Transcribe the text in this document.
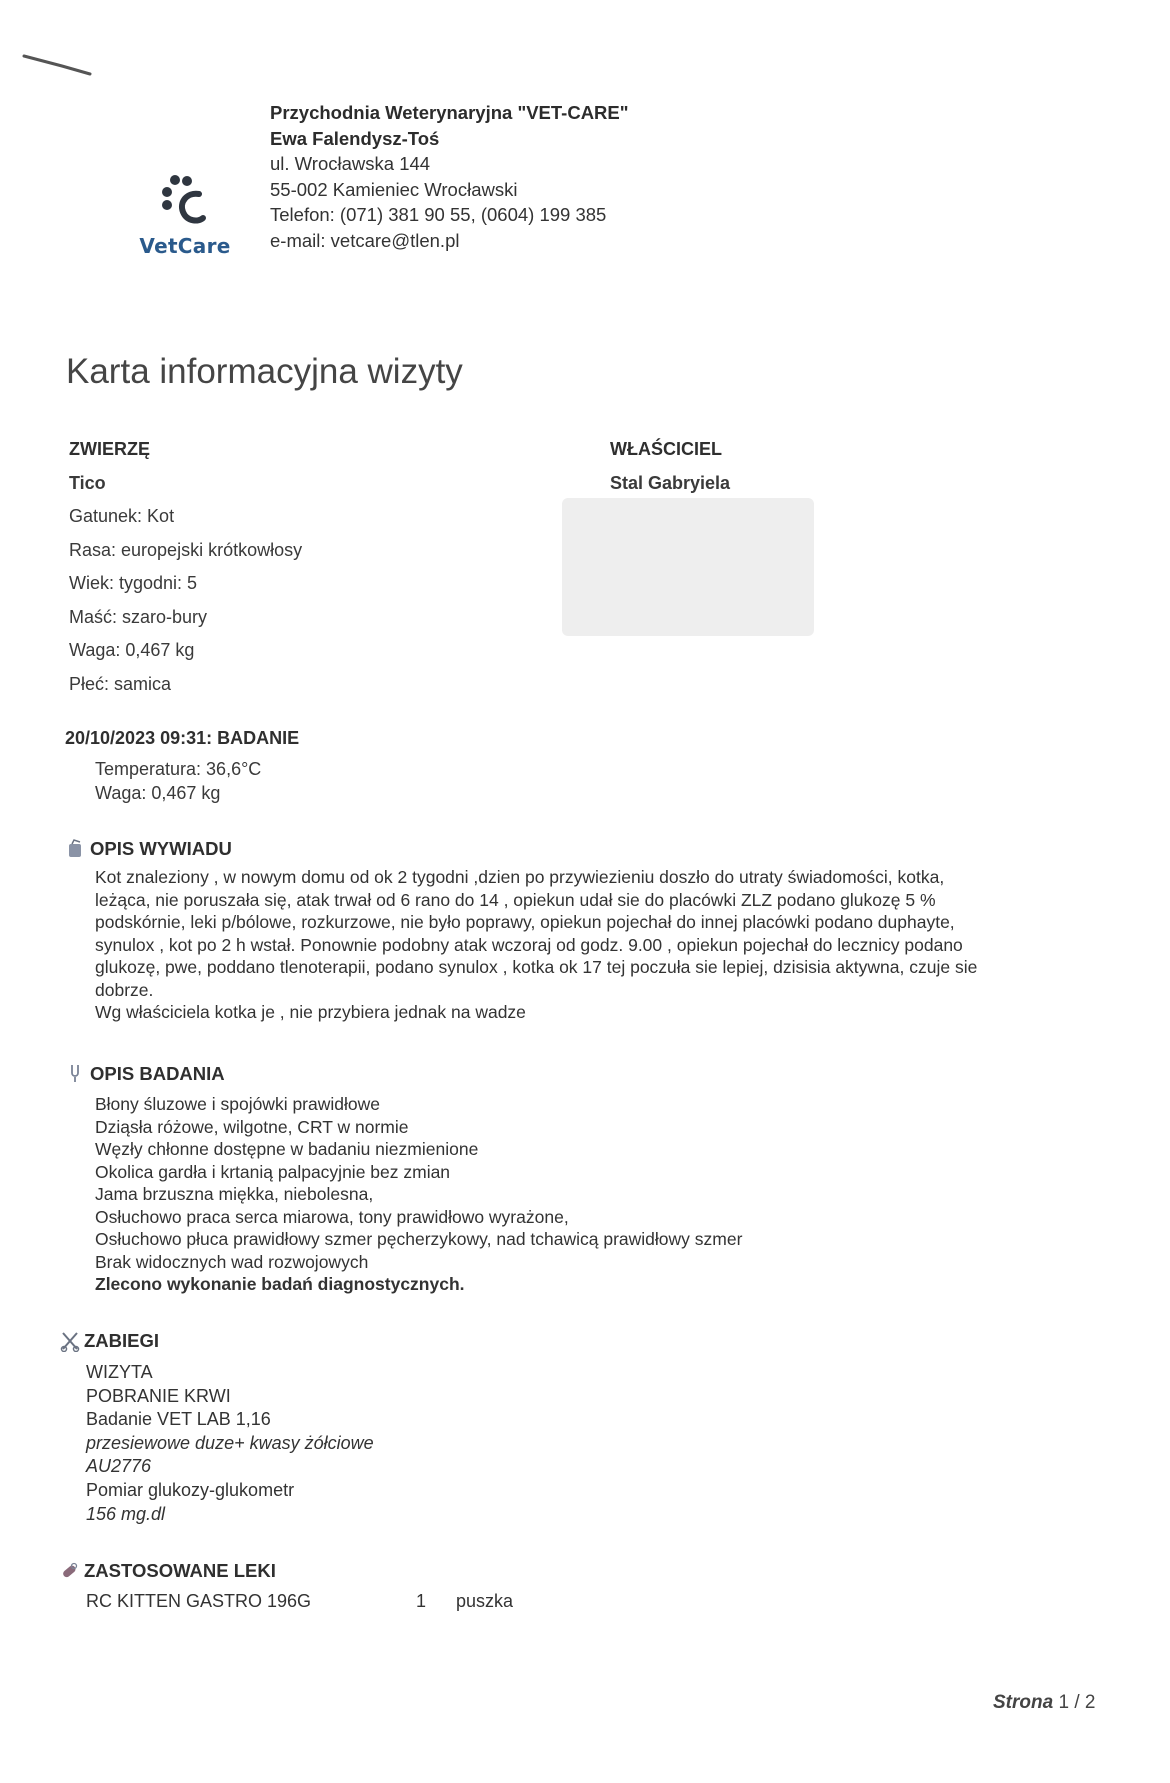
VetCare
Przychodnia Weterynaryjna "VET-CARE"
Ewa Falendysz-Toś
ul. Wrocławska 144
55-002 Kamieniec Wrocławski
Telefon: (071) 381 90 55, (0604) 199 385
e-mail: vetcare@tlen.pl
Karta informacyjna wizyty
ZWIERZĘ
Tico
Gatunek: Kot
Rasa: europejski krótkowłosy
Wiek: tygodni: 5
Maść: szaro-bury
Waga: 0,467 kg
Płeć: samica
WŁAŚCICIEL
Stal Gabryiela
20/10/2023 09:31: BADANIE
Temperatura: 36,6°C
Waga: 0,467 kg
OPIS WYWIADU
Kot znaleziony , w nowym domu od ok 2 tygodni ,dzien po przywiezieniu doszło do utraty świadomości, kotka,
leżąca, nie poruszała się, atak trwał od 6 rano do 14 , opiekun udał sie do placówki ZLZ podano glukozę 5 %
podskórnie, leki p/bólowe, rozkurzowe, nie było poprawy, opiekun pojechał do innej placówki podano duphayte,
synulox , kot po 2 h wstał. Ponownie podobny atak wczoraj od godz. 9.00 , opiekun pojechał do lecznicy podano
glukozę, pwe, poddano tlenoterapii, podano synulox , kotka ok 17 tej poczuła sie lepiej, dzisisia aktywna, czuje sie
dobrze.
Wg właściciela kotka je , nie przybiera jednak na wadze
OPIS BADANIA
Błony śluzowe i spojówki prawidłowe
Dziąsła różowe, wilgotne, CRT w normie
Węzły chłonne dostępne w badaniu niezmienione
Okolica gardła i krtanią palpacyjnie bez zmian
Jama brzuszna miękka, niebolesna,
Osłuchowo praca serca miarowa, tony prawidłowo wyrażone,
Osłuchowo płuca prawidłowy szmer pęcherzykowy, nad tchawicą prawidłowy szmer
Brak widocznych wad rozwojowych
Zlecono wykonanie badań diagnostycznych.
ZABIEGI
WIZYTA
POBRANIE KRWI
Badanie VET LAB 1,16
przesiewowe duze+ kwasy żółciowe
AU2776
Pomiar glukozy-glukometr
156 mg.dl
ZASTOSOWANE LEKI
RC KITTEN GASTRO 196G	1 puszka
Strona 1 / 2
